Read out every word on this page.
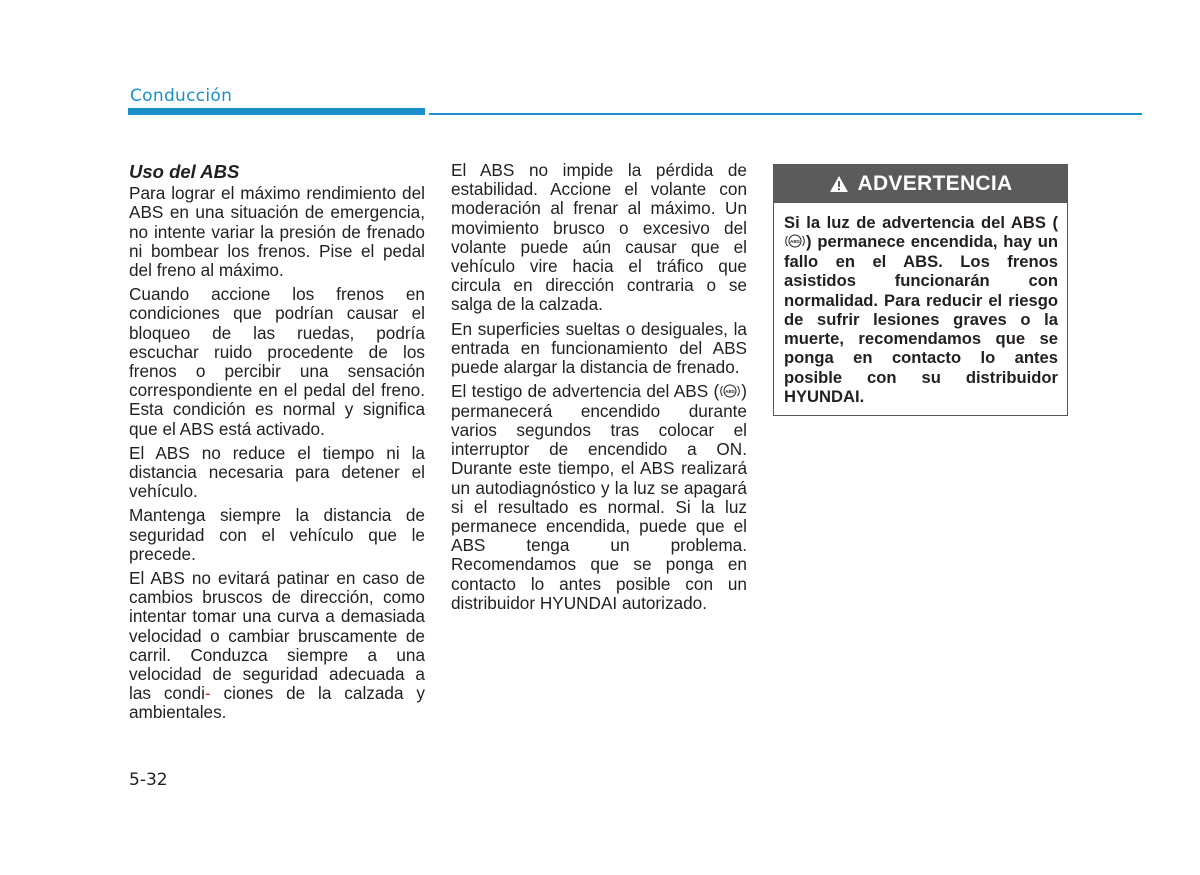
Conducción
Uso del ABS

Para lograr el máximo rendimiento del ABS en una situación de emergencia, no intente variar la presión de frenado ni bombear los frenos. Pise el pedal del freno al máximo.

Cuando accione los frenos en condiciones que podrían causar el bloqueo de las ruedas, podría escuchar ruido procedente de los frenos o percibir una sensación correspondiente en el pedal del freno. Esta condición es normal y significa que el ABS está activado.

El ABS no reduce el tiempo ni la distancia necesaria para detener el vehículo.

Mantenga siempre la distancia de seguridad con el vehículo que le precede.

El ABS no evitará patinar en caso de cambios bruscos de dirección, como intentar tomar una curva a demasiada velocidad o cambiar bruscamente de carril. Conduzca siempre a una velocidad de seguridad adecuada a las condi- ciones de la calzada y ambientales.

El ABS no impide la pérdida de estabilidad. Accione el volante con moderación al frenar al máximo. Un movimiento brusco o excesivo del volante puede aún causar que el vehículo vire hacia el tráfico que circula en dirección contraria o se salga de la calzada.

En superficies sueltas o desiguales, la entrada en funcionamiento del ABS puede alargar la distancia de frenado.

El testigo de advertencia del ABS ( ABS ) permanecerá encendido durante varios segundos tras colocar el interruptor de encendido a ON. Durante este tiempo, el ABS realizará un autodiagnóstico y la luz se apagará si el resultado es normal. Si la luz permanece encendida, puede que el ABS tenga un problema. Recomendamos que se ponga en contacto lo antes posible con un distribuidor HYUNDAI autorizado.

ADVERTENCIA
Si la luz de advertencia del ABS (
ABS ) permanece encendida, hay un fallo en el ABS. Los frenos asistidos funcionarán con normalidad. Para reducir el riesgo de sufrir lesiones graves o la muerte, recomendamos que se ponga en contacto lo antes posible con su distribuidor HYUNDAI.
5-32
